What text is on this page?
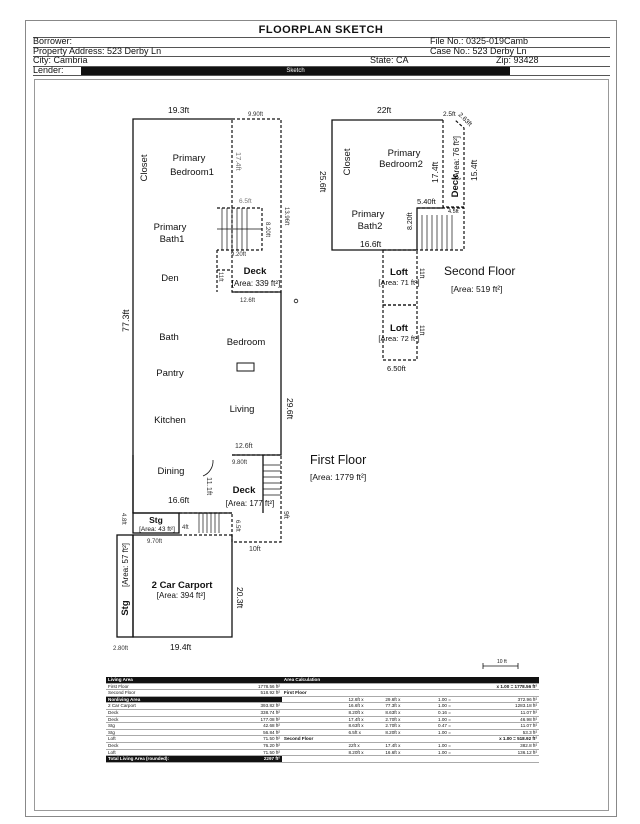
FLOORPLAN SKETCH
Borrower:	File No.: 0325-019Camb
Property Address: 523 Derby Ln	Case No.: 523 Derby Ln
City: Cambria	State: CA	Zip: 93428
Lender:	Sketch
19.3ft
77.3ft
16.6ft
19.4ft
29.6ft
20.3ft
9.90ft
17.4ft
6.5ft
13.96ft
8.20ft
9.20ft
12.6ft
11ft
12.6ft
9.80ft
11.1ft
9ft
4.8ft
4ft
9.70ft
10ft
2.80ft
6.5ft
Closet Primary
Bedroom1
Primary
Bath1
Den
Bath	Bedroom
Pantry
Living
Kitchen
Dining
Deck
[Area: 339 ft²]
Deck
[Area: 177 ft²]
Stg
[Area: 43 ft²]
2 Car Carport
[Area: 394 ft²]
Stg
[Area: 57 ft²]
First Floor
[Area: 1779 ft²]
22ft
25.6ft
16.6ft
6.50ft
17.4ft	15.4ft
2.5ft 2.63ft
5.40ft
4.5ft
8.20ft
11ft
11ft
Closet	Primary
Bedroom2
Primary
Bath2
Deck
[Area: 76 ft²]
Loft
[Area: 71 ft²]
Loft
[Area: 72 ft²]
Second Floor
[Area: 519 ft²]
10 ft
Living Area		Area Calculation				
First Floor	1778.56 ft²					x 1.00 = 1778.56 ft²
Second Floor	518.92 ft²	First Floor				
Nonliving Area			12.6ft x	29.6ft x	1.00 =	372.96 ft²
2 Car Carport	393.82 ft²		16.6ft x	77.3ft x	1.00 =	1283.18 ft²
Deck	338.74 ft²		8.20ft x	8.63ft x	0.16 =	11.07 ft²
Deck	177.08 ft²		17.4ft x	2.70ft x	1.00 =	46.98 ft²
Stg	42.68 ft²		8.63ft x	2.70ft x	0.47 =	11.07 ft²
Stg	56.84 ft²		6.5ft x	8.20ft x	1.00 =	53.3 ft²
Loft	71.50 ft²	Second Floor				x 1.00 = 518.92 ft²
Deck	76.20 ft²		22ft x	17.4ft x	1.00 =	382.8 ft²
Loft	71.50 ft²		8.20ft x	16.6ft x	1.00 =	136.12 ft²
Total Living Area (rounded):	2297 ft²					
